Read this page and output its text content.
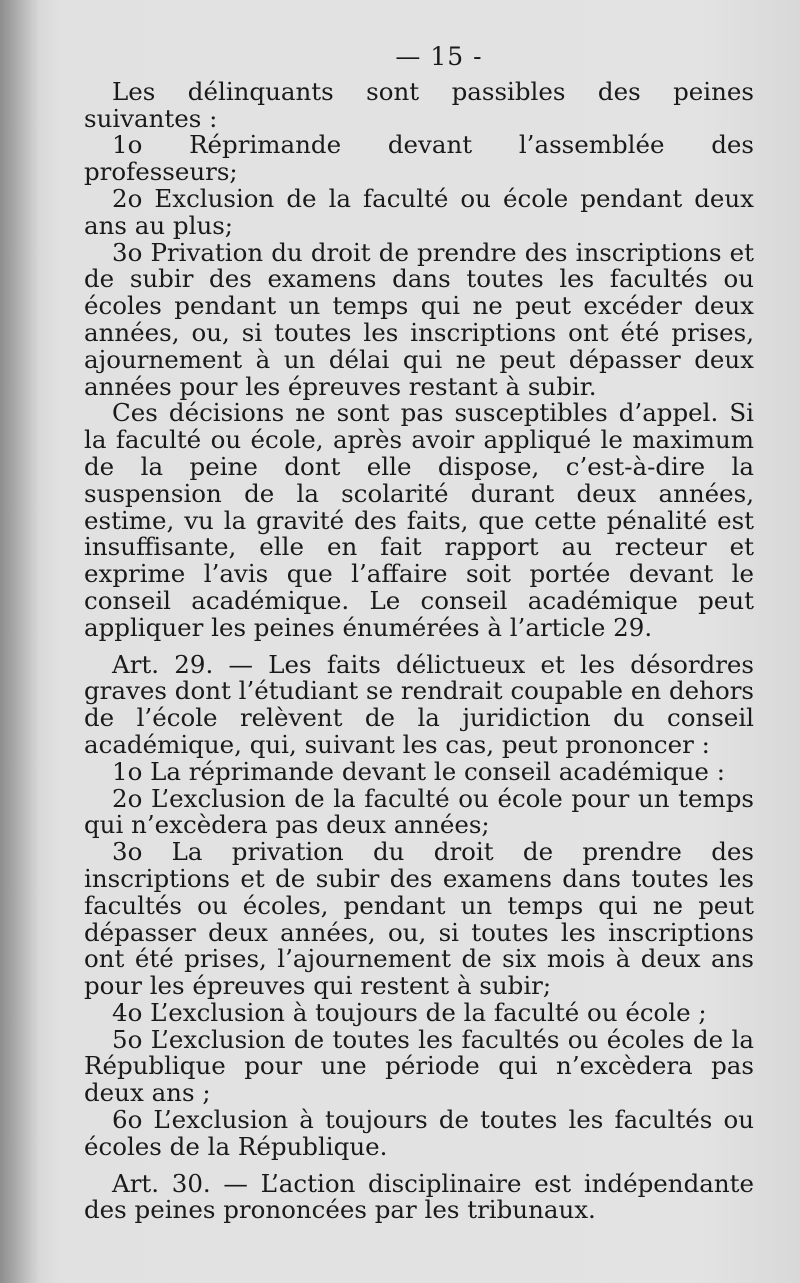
— 15 -

Les délinquants sont passibles des peines suivantes :

1o Réprimande devant l’assemblée des professeurs;

2o Exclusion de la faculté ou école pendant deux ans au plus;

3o Privation du droit de prendre des inscriptions et de subir des examens dans toutes les facultés ou écoles pendant un temps qui ne peut excéder deux années, ou, si toutes les inscriptions ont été prises, ajournement à un délai qui ne peut dépasser deux années pour les épreuves restant à subir.

Ces décisions ne sont pas susceptibles d’appel. Si la faculté ou école, après avoir appliqué le maximum de la peine dont elle dispose, c’est-à-dire la suspension de la scolarité durant deux années, estime, vu la gravité des faits, que cette pénalité est insuffisante, elle en fait rapport au recteur et exprime l’avis que l’affaire soit portée devant le conseil académique. Le conseil académique peut appliquer les peines énumérées à l’article 29.

Art. 29. — Les faits délictueux et les désordres graves dont l’étudiant se rendrait coupable en dehors de l’école relèvent de la juridiction du conseil académique, qui, suivant les cas, peut prononcer :

1o La réprimande devant le conseil académique :

2o L’exclusion de la faculté ou école pour un temps qui n’excèdera pas deux années;

3o La privation du droit de prendre des inscriptions et de subir des examens dans toutes les facultés ou écoles, pendant un temps qui ne peut dépasser deux années, ou, si toutes les inscriptions ont été prises, l’ajournement de six mois à deux ans pour les épreuves qui restent à subir;

4o L’exclusion à toujours de la faculté ou école ;

5o L’exclusion de toutes les facultés ou écoles de la République pour une période qui n’excèdera pas deux ans ;

6o L’exclusion à toujours de toutes les facultés ou écoles de la République.

Art. 30. — L’action disciplinaire est indépendante des peines prononcées par les tribunaux.
